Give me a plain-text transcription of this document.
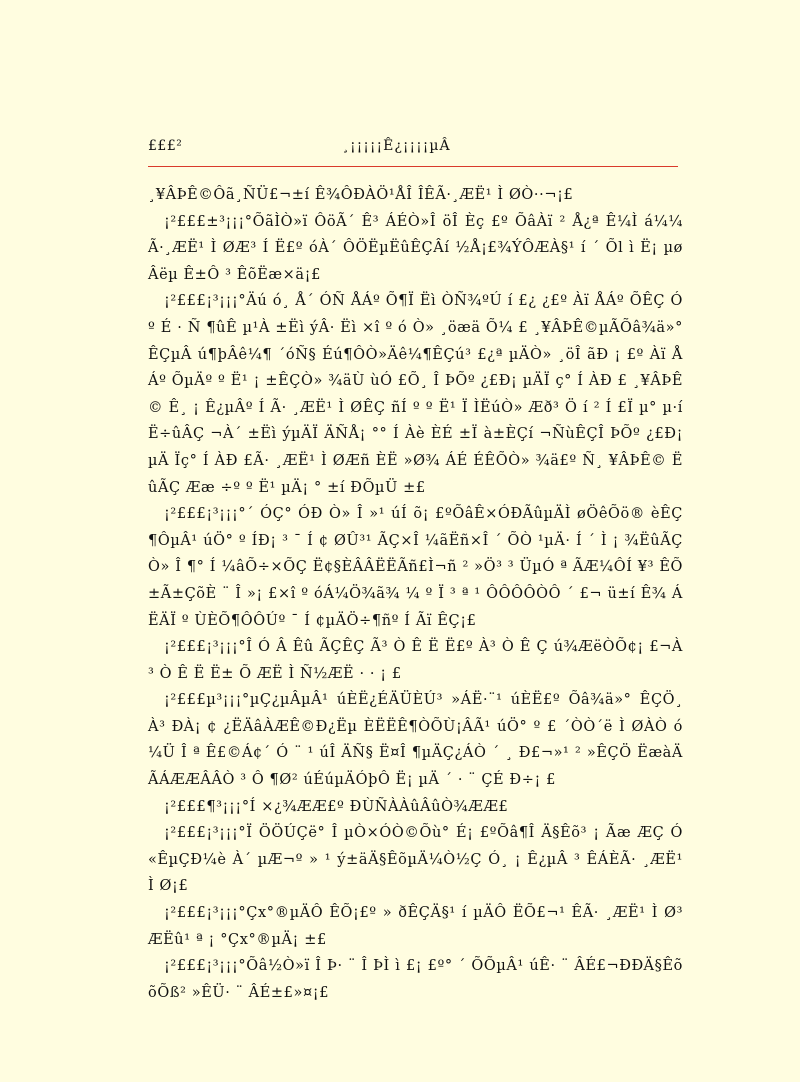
£££²	¸¡¡¡¡¡Ê¿¡¡¡¡µÂ

¸¥ÂÞÊ©Ôã¸ÑÜ£¬±í Ê¾ÔÐÀÖ¹ÅÎ ÎÊÃ·¸ÆË¹ Ì ØÒ··¬¡£

¡²£££±³¡¡¡°ÕãÌÒ»ï ÔöÃ´ Ê³ ÁÉÒ»Î öÎ Èç £º ÕâÀï ² Å¿ª Ê¼Ì á¼¼ Ã·¸ÆË¹ Ì ØÆ³ Í Ë£º óÀ´ ÔÖËµËûÊÇÂí ½Å¡£¾ÝÔÆÀ§¹ í ´ Õl ì Ë¡ µø Âëµ Ê±Ô ³ ÊõËæ×ä¡£

¡²£££¡³¡¡¡°Äú ó¸ Å´ ÓÑ ÅÁº Õ¶Ï Ëì ÒÑ¾ºÚ í £¿ ¿£º Àï ÅÁº ÕÊÇ Ó º É · Ñ ¶ûÊ µ¹À ±Ëì ýÂ· Ëì ×î º ó Ò» ¸öæä Õ¼ £ ¸¥ÂÞÊ©µÃÕâ¾ä»° ÊÇµÂ ú¶þÂê¼¶ ´óÑ§ Éú¶ÔÒ»Äê¼¶ÊÇú³ £¿ª µÄÒ» ¸öÎ ãÐ ¡ £º Àï ÅÁº ÕµÄº º Ë¹ ¡ ±ÊÇÒ» ¾äÙ ùÓ £Õ¸ Î ÞÕº ¿£Ð¡ µÄÏ ç° Í ÀÐ £ ¸¥ÂÞÊ© Ê¸ ¡ Ê¿µÂº Í Ã· ¸ÆË¹ Ì ØÊÇ ñÍ º º Ë¹ Ï ÌËúÒ» Æð³ Ö í ² Í £Ï µ° µ·í Ë÷ûÂÇ ¬À´ ±Ëì ýµÄÏ ÄÑÅ¡ °° Í Àè ÈÉ ±Ï à±ÈÇí ¬ÑùÊÇÎ ÞÕº ¿£Ð¡ µÄ Ïç° Í ÀÐ £Ã· ¸ÆË¹ Ì ØÆñ ÈË »Ø¾ ÁÉ ÉÊÕÒ» ¾ä£º Ñ¸ ¥ÂÞÊ© ËûÃÇ Ææ ÷º º Ë¹ µÄ¡ ° ±í ÐÕµÜ ±£

¡²£££¡³¡¡¡°´ ÓÇ° ÓÐ Ò» Î »¹ úÍ õ¡ £ºÕâÊ×ÓÐÃûµÄÌ øÖêÕö® èÊÇ¶ÔµÂ¹ úÖ° º ÍÐ¡ ³ ¯ Í ¢ ØÛ³¹ ÃÇ×Î ¼ãËñ×Î ´ ÕÒ ¹µÄ· Í ´ Ì ¡ ¾ËûÃÇÒ» Î ¶° Í ¼âÕ÷×ÕÇ Ë¢§ÈÂÂËËÃñ£Ì¬ñ ² »Ö³ ³ ÜµÓ ª ÃÆ¼ÔÍ ¥³ ÊÕ±Ã±ÇõÈ ¨ Î »¡ £×î º óÁ¼Ö¾ã¾ ¼ º Ï ³ ª ¹ ÔÔÔÔÒÔ ´ £¬ ü±í Ê¾ ÁËÄÏ º ÙÈÕ¶ÔÔÚº ¯ Í ¢µÄÖ÷¶ñº Í Ãï ÊÇ¡£

¡²£££¡³¡¡¡°Î Ó Â Êû ÃÇÊÇ Ã³ Ò Ê Ë Ë£º À³ Ò Ê Ç ú¾ÆëÒÕ¢¡ £¬À³ Ò Ê Ë Ë± Õ ÆË Ì Ñ½ÆË · · ¡ £

¡²£££µ³¡¡¡°µÇ¿µÂµÂ¹ úÈË¿ÉÄÜÈÚ³ »ÁË·¨¹ úÈË£º Õâ¾ä»° ÊÇÖ¸ À³ ÐÀ¡ ¢ ¿ËÄâÀÆÊ©Ð¿Ëµ ÈËËÊ¶ÒÕÙ¡ÂÃ¹ úÖ° º £ ´ÒÒ´ë Ì ØÀÒ ó¼Ü Î ª Ê£©Á¢´ Ó ¨ ¹ úÎ ÄÑ§ Ë¤Î ¶µÄÇ¿ÁÒ ´ ¸ Ð£¬»¹ ² »ÊÇÖ ËæàÄÃÁÆÆÂÂÒ ³ Ô ¶Ø² úÉúµÄÓþÔ Ë¡ µÄ ´ · ¨ ÇÉ Ð÷¡ £

¡²£££¶³¡¡¡°Í ×¿¾ÆÆ£º ÐÙÑÀÀûÂûÒ¾ÆÆ£

¡²£££¡³¡¡¡°Ï ÖÖÚÇë° Î µÒ×ÓÒ©Õù° É¡ £ºÕâ¶Î Ä§Êõ³ ¡ Ãæ ÆÇ Ó «ÊµÇÐ¼è À´ µÆ¬º » ¹ ý±äÄ§ÊõµÄ¼Ò½Ç Ó¸ ¡ Ê¿µÂ ³ ÊÁÈÃ· ¸ÆË¹ Ì Ø¡£

¡²£££¡³¡¡¡°Çx°®µÄÔ ÊÕ¡£º » ðÊÇÄ§¹ í µÄÔ ËÕ£¬¹ ÊÃ· ¸ÆË¹ Ì Ø³ ÆËû¹ ª ¡ °Çx°®µÄ¡ ±£

¡²£££¡³¡¡¡°Õâ½Ò»ï Î Þ· ¨ Î ÞÌ ì £¡ £º° ´ ÕÕµÂ¹ úÊ· ¨ ÂÉ£¬ÐÐÄ§ÊõõÕß² »ÊÜ· ¨ ÂÉ±£»¤¡£
